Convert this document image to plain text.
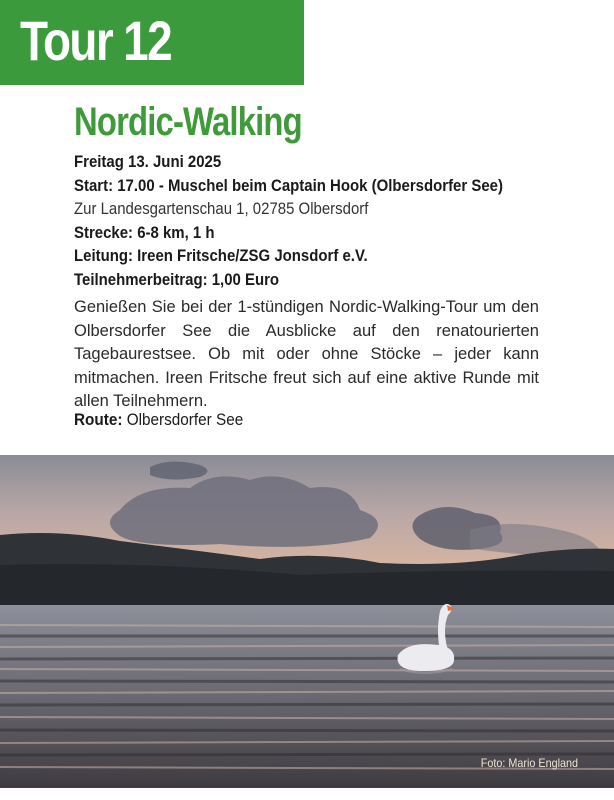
Tour 12
Nordic-Walking
Freitag 13. Juni 2025
Start: 17.00 - Muschel beim Captain Hook (Olbersdorfer See)
Zur Landesgartenschau 1, 02785 Olbersdorf
Strecke: 6-8 km, 1 h
Leitung: Ireen Fritsche/ZSG Jonsdorf e.V.
Teilnehmerbeitrag: 1,00 Euro
Genießen Sie bei der 1-stündigen Nordic-Walking-Tour um den Olbersdorfer See die Ausblicke auf den renatourierten Tagebaurestsee. Ob mit oder ohne Stöcke – jeder kann mitmachen. Ireen Fritsche freut sich auf eine aktive Runde mit allen Teilnehmern.
Route: Olbersdorfer See
Foto: Mario England
